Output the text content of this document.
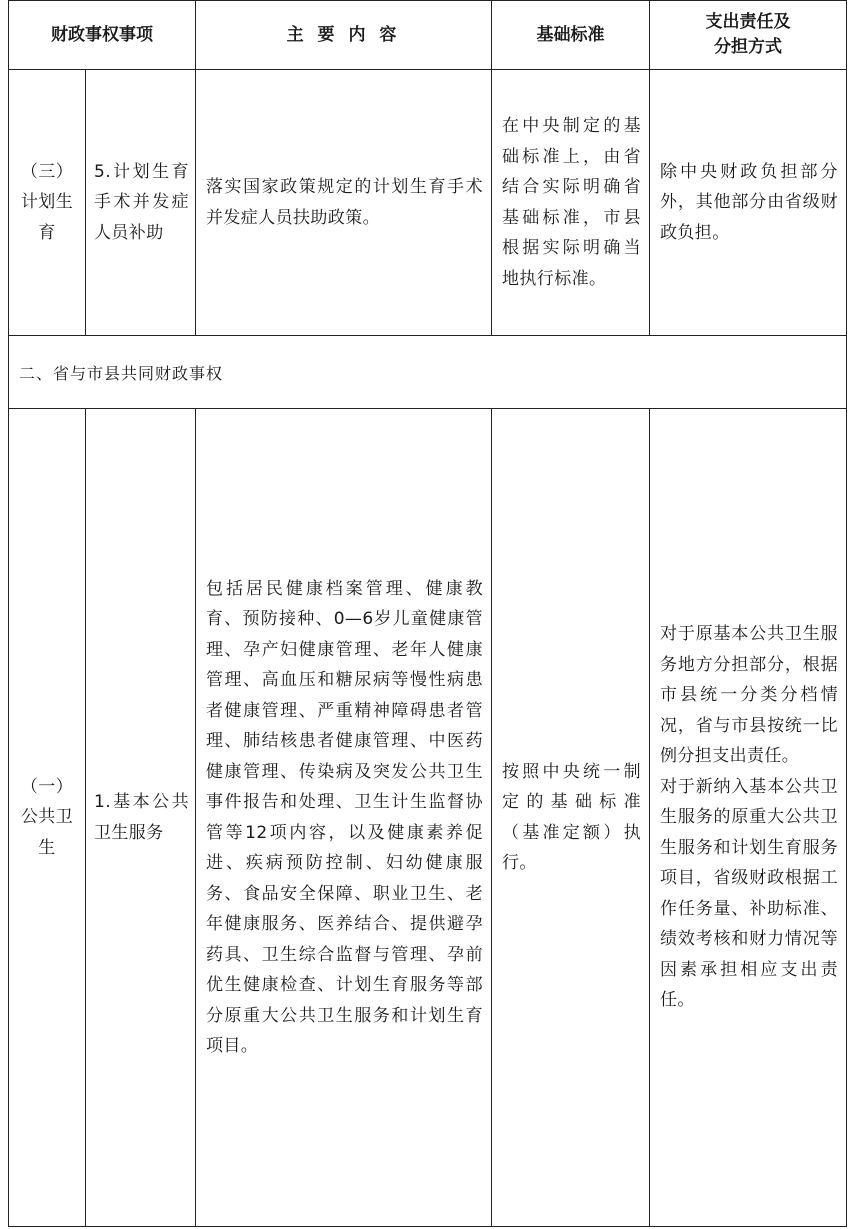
财政事权事项		主 要 内 容	基础标准	支出责任及
分担方式

（三）计划生育	5.计划生育手术并发症人员补助	落实国家政策规定的计划生育手术并发症人员扶助政策。	在中央制定的基础标准上，由省结合实际明确省基础标准，市县根据实际明确当地执行标准。	除中央财政负担部分外，其他部分由省级财政负担。
二、省与市县共同财政事权				
（一）公共卫生	1.基本公共卫生服务	包括居民健康档案管理、健康教育、预防接种、0—6岁儿童健康管理、孕产妇健康管理、老年人健康管理、高血压和糖尿病等慢性病患者健康管理、严重精神障碍患者管理、肺结核患者健康管理、中医药健康管理、传染病及突发公共卫生事件报告和处理、卫生计生监督协管等12项内容，以及健康素养促进、疾病预防控制、妇幼健康服务、食品安全保障、职业卫生、老年健康服务、医养结合、提供避孕药具、卫生综合监督与管理、孕前优生健康检查、计划生育服务等部分原重大公共卫生服务和计划生育项目。	按照中央统一制定的基础标准（基准定额）执行。	对于原基本公共卫生服务地方分担部分，根据市县统一分类分档情况，省与市县按统一比例分担支出责任。
对于新纳入基本公共卫生服务的原重大公共卫生服务和计划生育服务项目，省级财政根据工作任务量、补助标准、绩效考核和财力情况等因素承担相应支出责任。
